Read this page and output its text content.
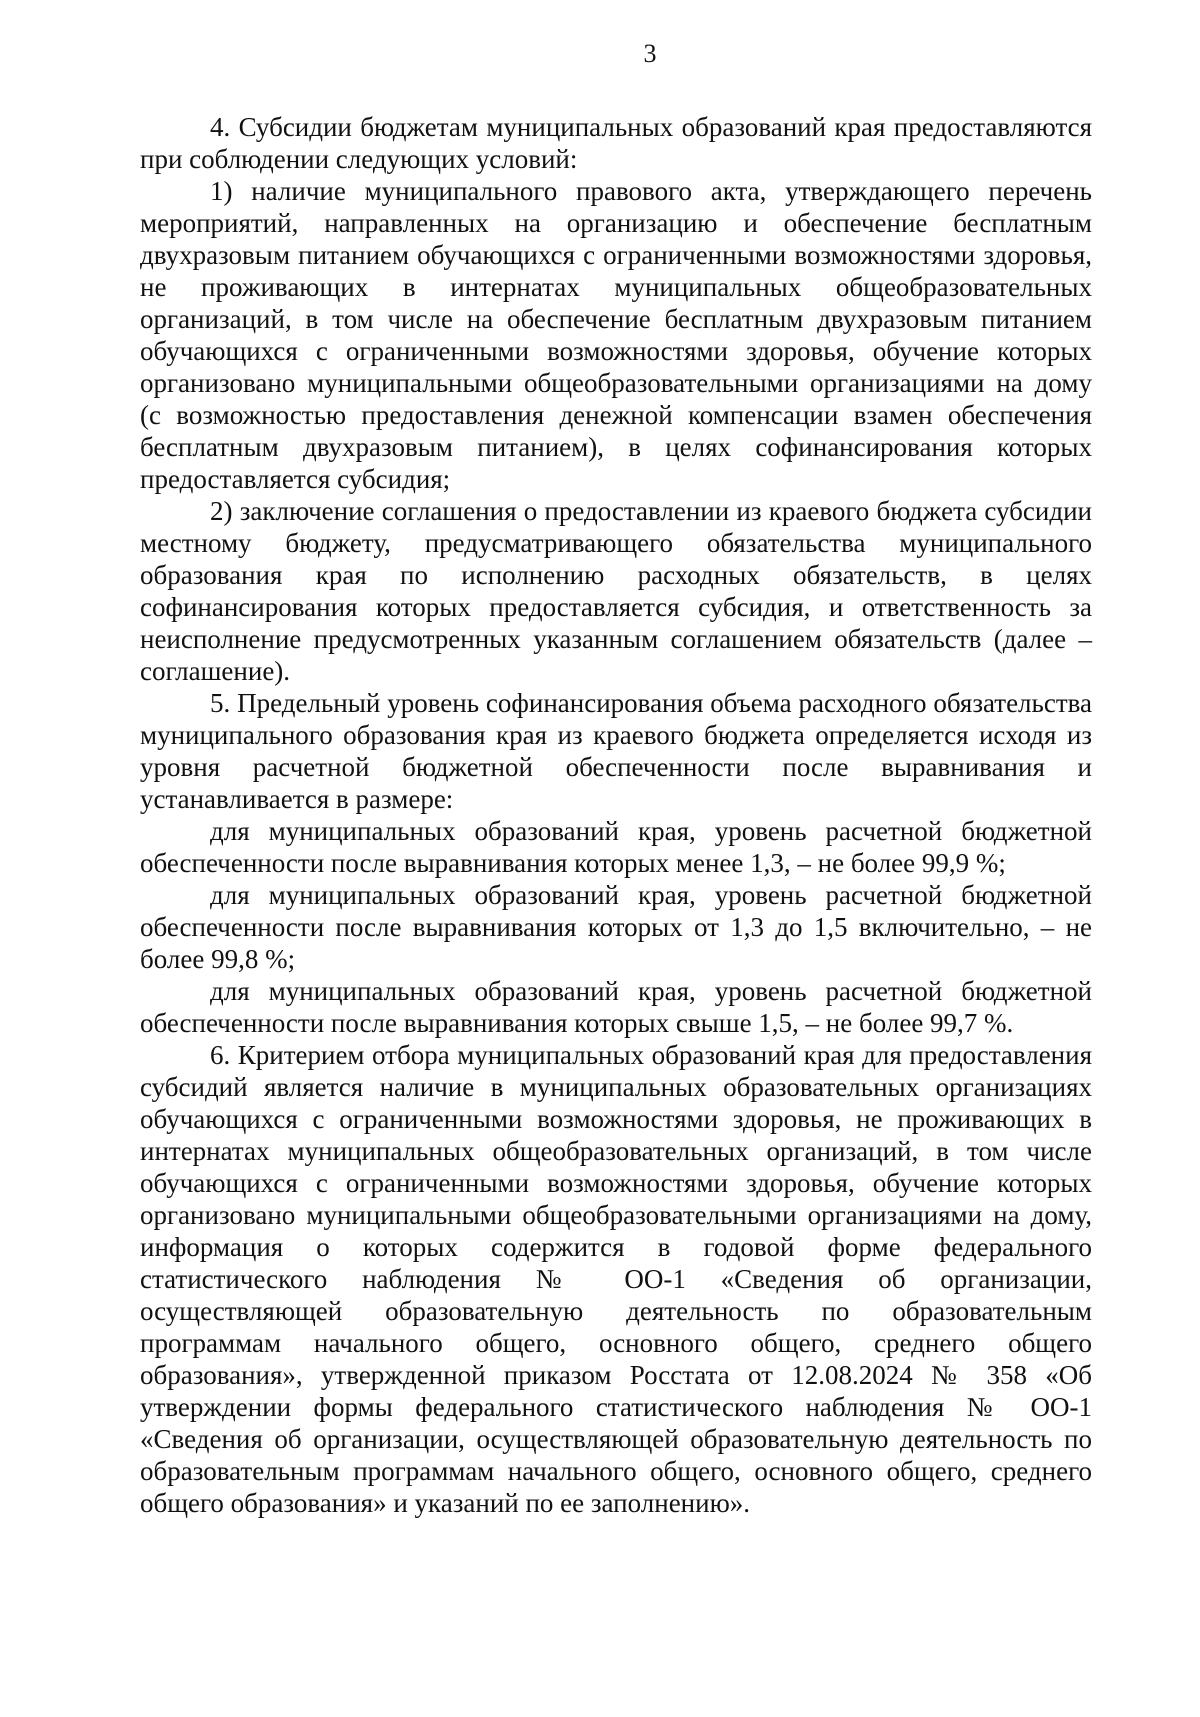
3

4. Субсидии бюджетам муниципальных образований края предоставляются при соблюдении следующих условий:

1) наличие муниципального правового акта, утверждающего перечень мероприятий, направленных на организацию и обеспечение бесплатным двухразовым питанием обучающихся с ограниченными возможностями здоровья, не проживающих в интернатах муниципальных общеобразовательных организаций, в том числе на обеспечение бесплатным двухразовым питанием обучающихся с ограниченными возможностями здоровья, обучение которых организовано муниципальными общеобразовательными организациями на дому (с возможностью предоставления денежной компенсации взамен обеспечения бесплатным двухразовым питанием), в целях софинансирования которых предоставляется субсидия;

2) заключение соглашения о предоставлении из краевого бюджета субсидии местному бюджету, предусматривающего обязательства муниципального образования края по исполнению расходных обязательств, в целях софинансирования которых предоставляется субсидия, и ответственность за неисполнение предусмотренных указанным соглашением обязательств (далее – соглашение).

5. Предельный уровень софинансирования объема расходного обязательства муниципального образования края из краевого бюджета определяется исходя из уровня расчетной бюджетной обеспеченности после выравнивания и устанавливается в размере:

для муниципальных образований края, уровень расчетной бюджетной обеспеченности после выравнивания которых менее 1,3, – не более 99,9 %;

для муниципальных образований края, уровень расчетной бюджетной обеспеченности после выравнивания которых от 1,3 до 1,5 включительно, – не более 99,8 %;

для муниципальных образований края, уровень расчетной бюджетной обеспеченности после выравнивания которых свыше 1,5, – не более 99,7 %.

6. Критерием отбора муниципальных образований края для предоставления субсидий является наличие в муниципальных образовательных организациях обучающихся с ограниченными возможностями здоровья, не проживающих в интернатах муниципальных общеобразовательных организаций, в том числе обучающихся с ограниченными возможностями здоровья, обучение которых организовано муниципальными общеобразовательными организациями на дому, информация о которых содержится в годовой форме федерального статистического наблюдения № ОО-1 «Сведения об организации, осуществляющей образовательную деятельность по образовательным программам начального общего, основного общего, среднего общего образования», утвержденной приказом Росстата от 12.08.2024 № 358 «Об утверждении формы федерального статистического наблюдения № ОО-1 «Сведения об организации, осуществляющей образовательную деятельность по образовательным программам начального общего, основного общего, среднего общего образования» и указаний по ее заполнению».
